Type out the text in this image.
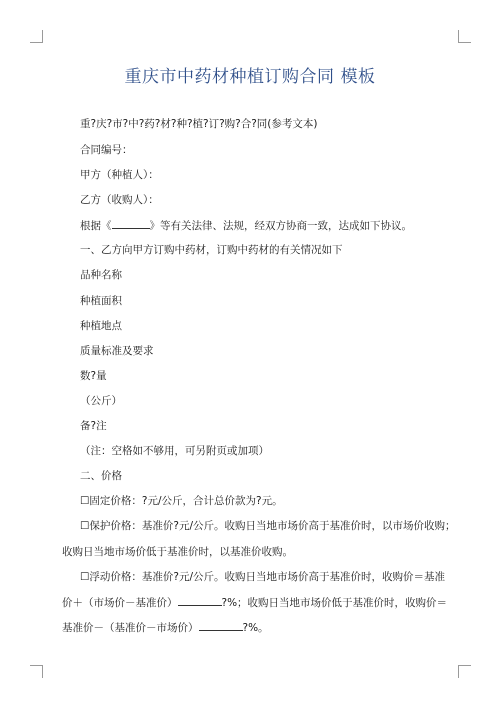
重庆市中药材种植订购合同 模板
重?庆?市?中?药?材?种?植?订?购?合?同(参考文本)
合同编号：
甲方（种植人）：
乙方（收购人）：
根据《	》等有关法律、法规，经双方协商一致，达成如下协议。
一、乙方向甲方订购中药材，订购中药材的有关情况如下
品种名称
种植面积
种植地点
质量标准及要求
数?量
（公斤）
备?注
（注：空格如不够用，可另附页或加项）
二、价格
☐固定价格：?元/公斤，合计总价款为?元。
☐保护价格：基准价?元/公斤。收购日当地市场价高于基准价时，以市场价收购；
收购日当地市场价低于基准价时，以基准价收购。
☐浮动价格：基准价?元/公斤。收购日当地市场价高于基准价时，收购价＝基准
价＋（市场价－基准价）	?%；收购日当地市场价低于基准价时，收购价＝
基准价－（基准价－市场价）	?%。
